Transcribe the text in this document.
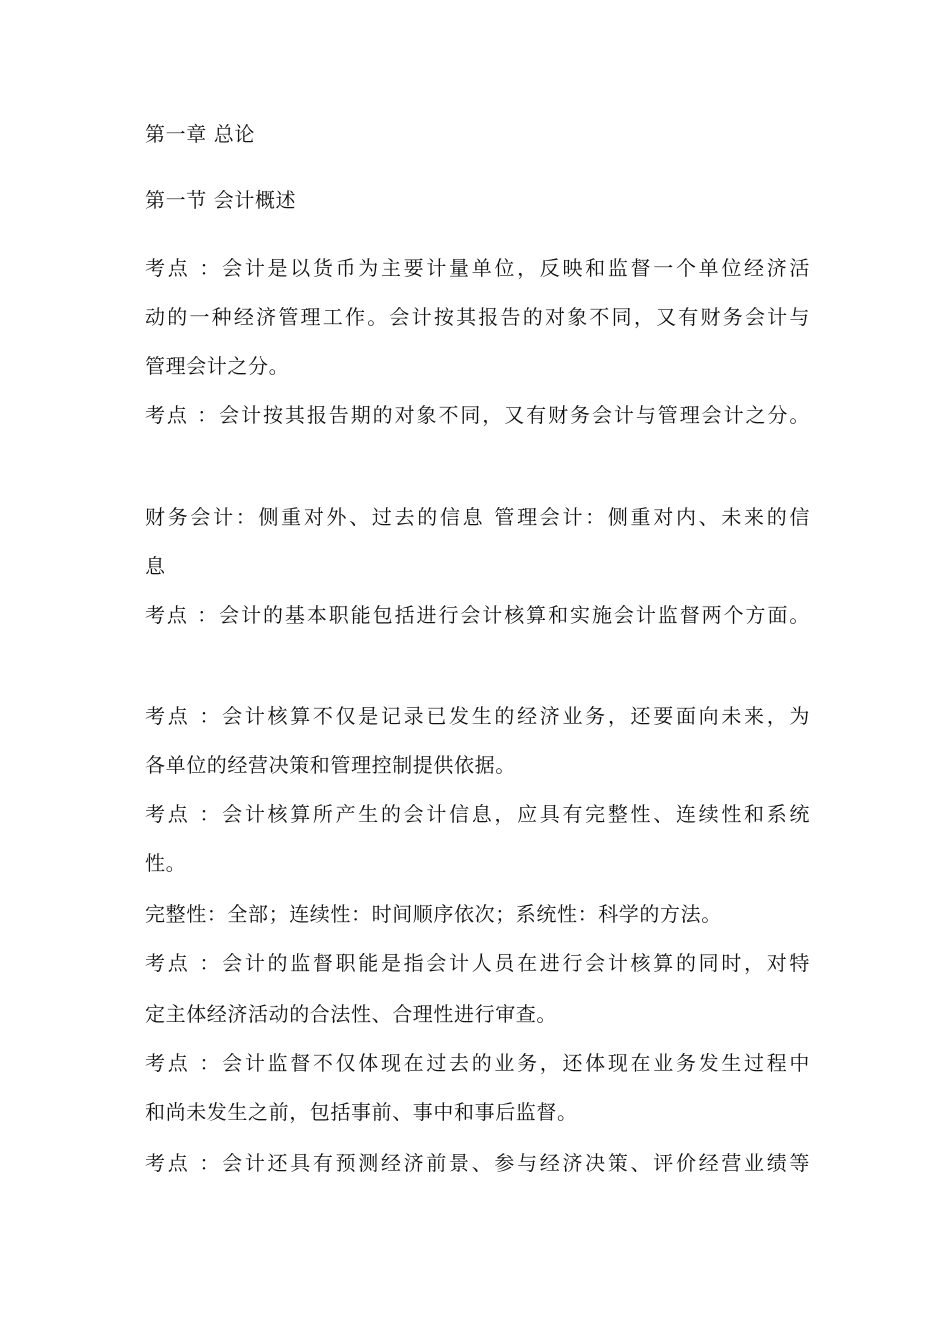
第一章 总论
第一节 会计概述
考点 ：会计是以货币为主要计量单位，反映和监督一个单位经济活
动的一种经济管理工作。会计按其报告的对象不同，又有财务会计与
管理会计之分。
考点 ：会计按其报告期的对象不同，又有财务会计与管理会计之分。
财务会计：侧重对外、过去的信息 管理会计：侧重对内、未来的信
息
考点 ：会计的基本职能包括进行会计核算和实施会计监督两个方面。
考点 ：会计核算不仅是记录已发生的经济业务，还要面向未来，为
各单位的经营决策和管理控制提供依据。
考点 ：会计核算所产生的会计信息，应具有完整性、连续性和系统
性。
完整性：全部；连续性：时间顺序依次；系统性：科学的方法。
考点 ：会计的监督职能是指会计人员在进行会计核算的同时，对特
定主体经济活动的合法性、合理性进行审查。
考点 ：会计监督不仅体现在过去的业务，还体现在业务发生过程中
和尚未发生之前，包括事前、事中和事后监督。
考点 ：会计还具有预测经济前景、参与经济决策、评价经营业绩等
